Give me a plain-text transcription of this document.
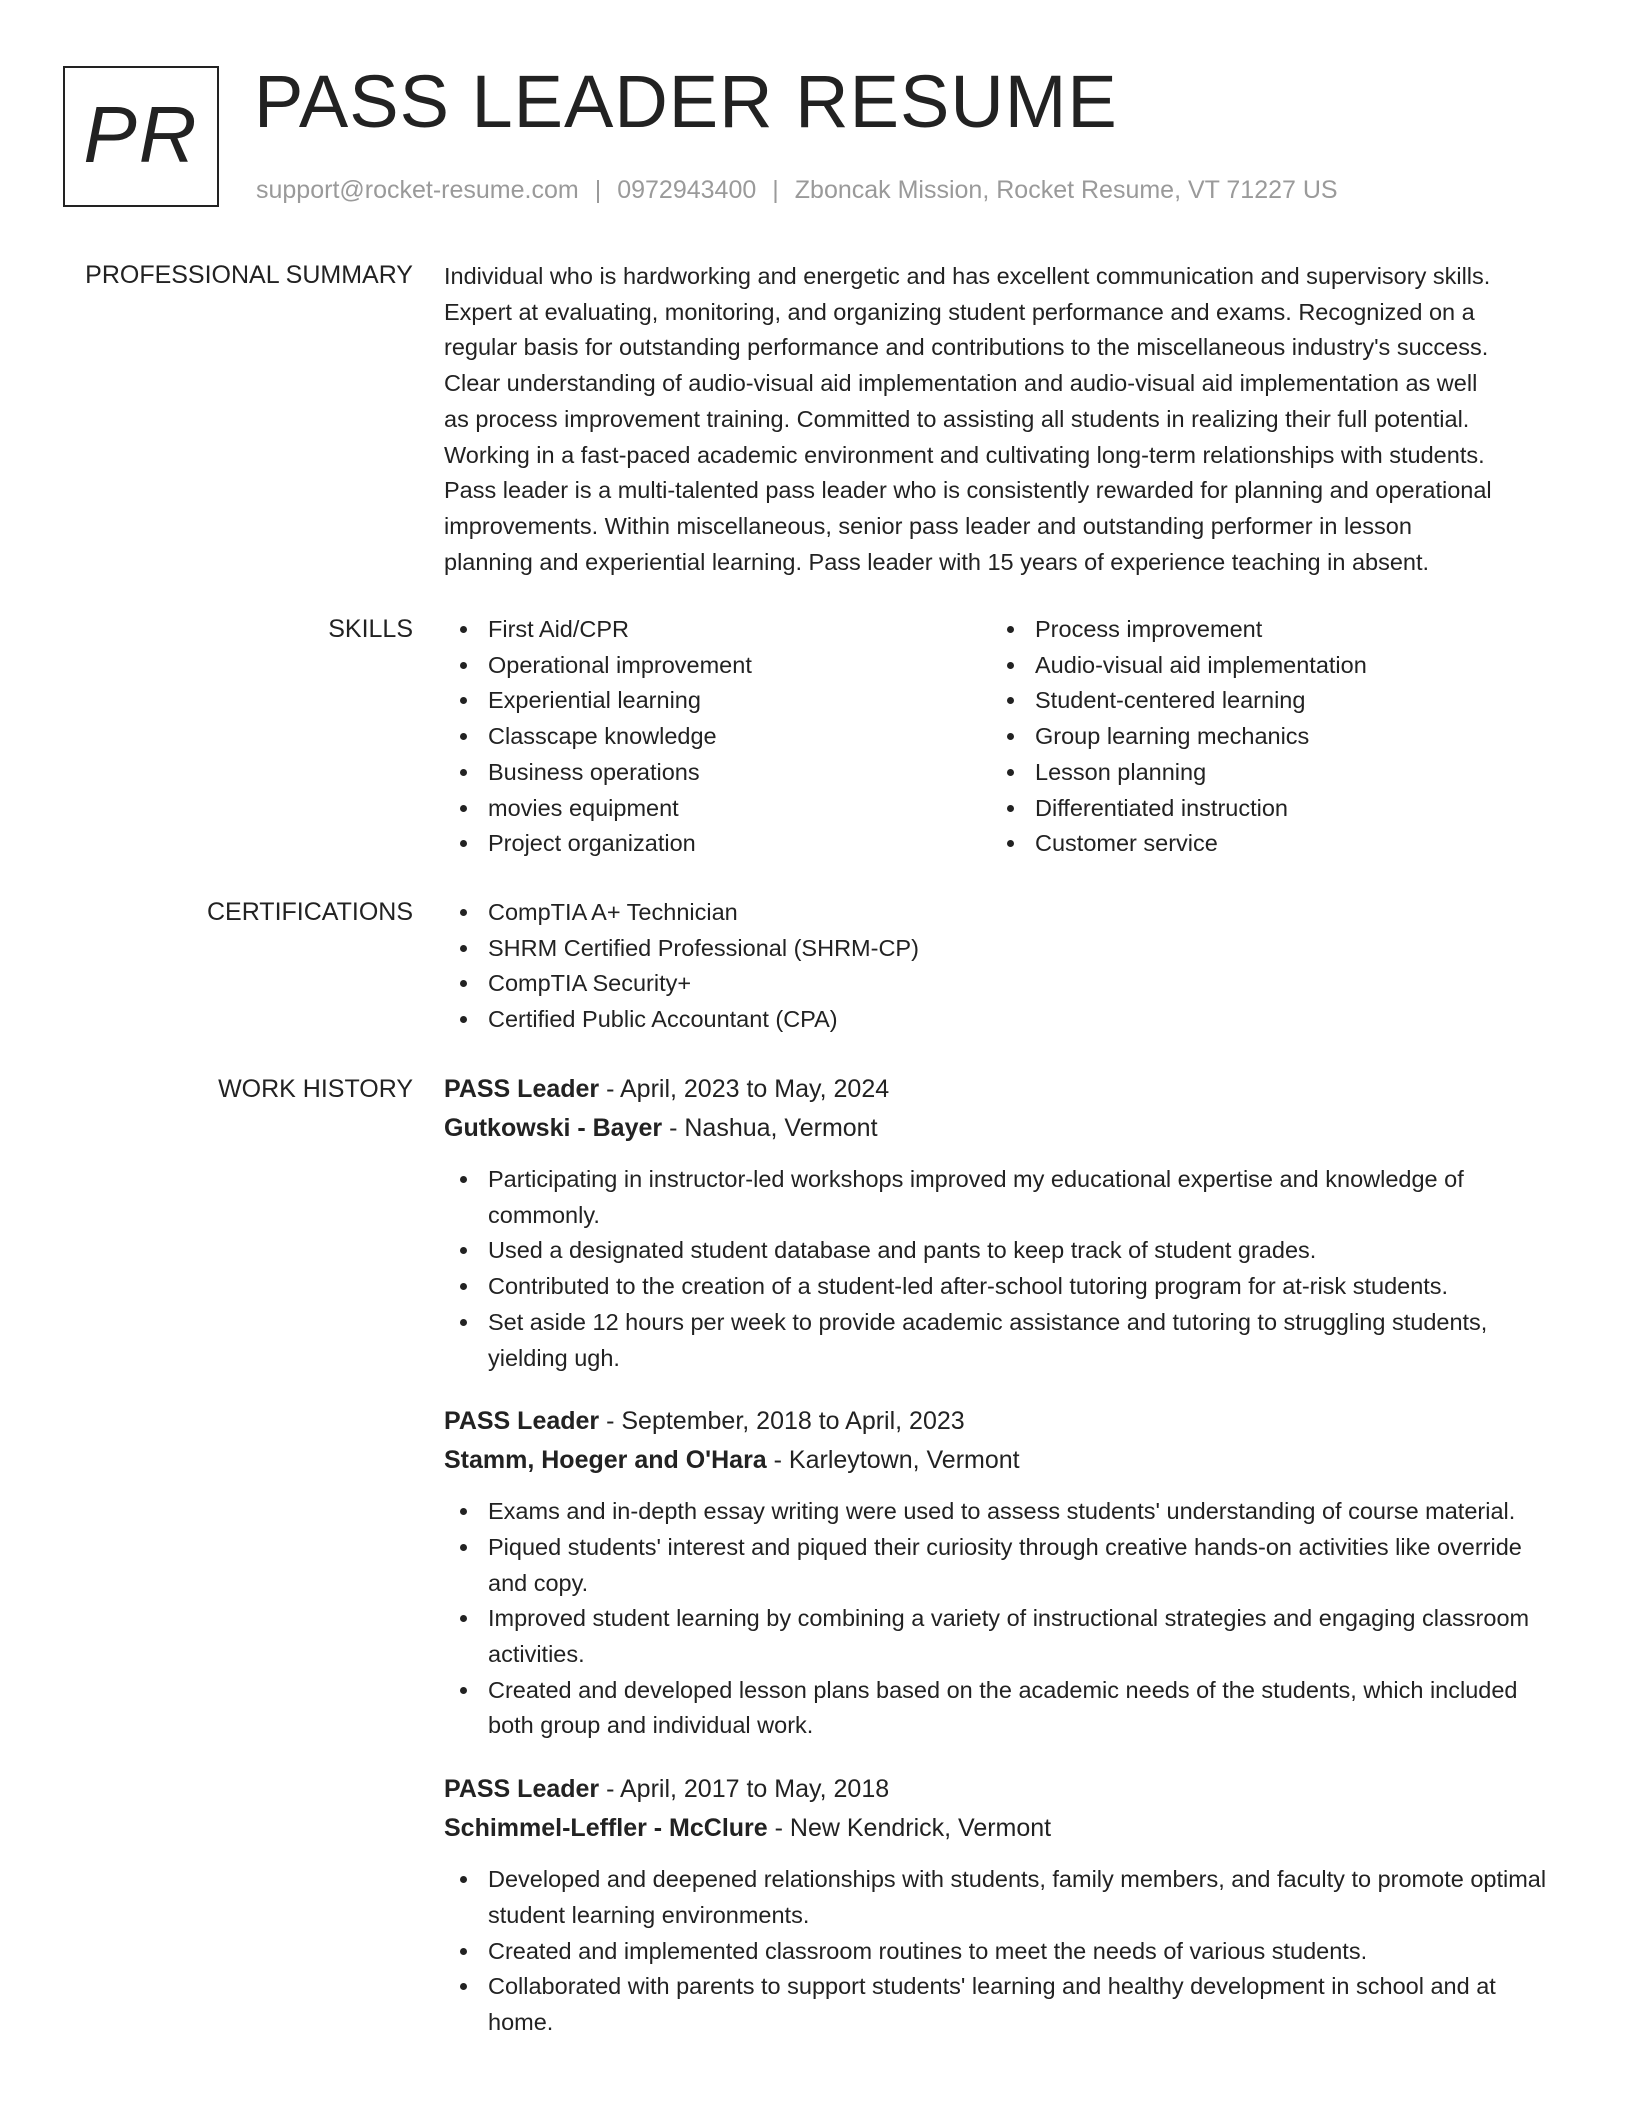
PR PASS LEADER RESUME
support@rocket-resume.com | 0972943400 | Zboncak Mission, Rocket Resume, VT 71227 US
PROFESSIONAL SUMMARY Individual who is hardworking and energetic and has excellent communication and supervisory skills.
Expert at evaluating, monitoring, and organizing student performance and exams. Recognized on a
regular basis for outstanding performance and contributions to the miscellaneous industry's success.
Clear understanding of audio-visual aid implementation and audio-visual aid implementation as well
as process improvement training. Committed to assisting all students in realizing their full potential.
Working in a fast-paced academic environment and cultivating long-term relationships with students.
Pass leader is a multi-talented pass leader who is consistently rewarded for planning and operational
improvements. Within miscellaneous, senior pass leader and outstanding performer in lesson
planning and experiential learning. Pass leader with 15 years of experience teaching in absent.
SKILLS	First Aid/CPR
Operational improvement
Experiential learning
Classcape knowledge
Business operations
movies equipment
Project organization
Process improvement
Audio-visual aid implementation
Student-centered learning
Group learning mechanics
Lesson planning
Differentiated instruction
Customer service
CERTIFICATIONS	CompTIA A+ Technician
SHRM Certified Professional (SHRM-CP)
CompTIA Security+
Certified Public Accountant (CPA)
WORK HISTORY PASS Leader - April, 2023 to May, 2024
Gutkowski - Bayer - Nashua, Vermont
Participating in instructor-led workshops improved my educational expertise and knowledge of commonly.
Used a designated student database and pants to keep track of student grades.
Contributed to the creation of a student-led after-school tutoring program for at-risk students.
Set aside 12 hours per week to provide academic assistance and tutoring to struggling students, yielding ugh.
PASS Leader - September, 2018 to April, 2023
Stamm, Hoeger and O'Hara - Karleytown, Vermont
Exams and in-depth essay writing were used to assess students' understanding of course material.
Piqued students' interest and piqued their curiosity through creative hands-on activities like override and copy.
Improved student learning by combining a variety of instructional strategies and engaging classroom activities.
Created and developed lesson plans based on the academic needs of the students, which included both group and individual work.
PASS Leader - April, 2017 to May, 2018
Schimmel-Leffler - McClure - New Kendrick, Vermont
Developed and deepened relationships with students, family members, and faculty to promote optimal student learning environments.
Created and implemented classroom routines to meet the needs of various students.
Collaborated with parents to support students' learning and healthy development in school and at home.
